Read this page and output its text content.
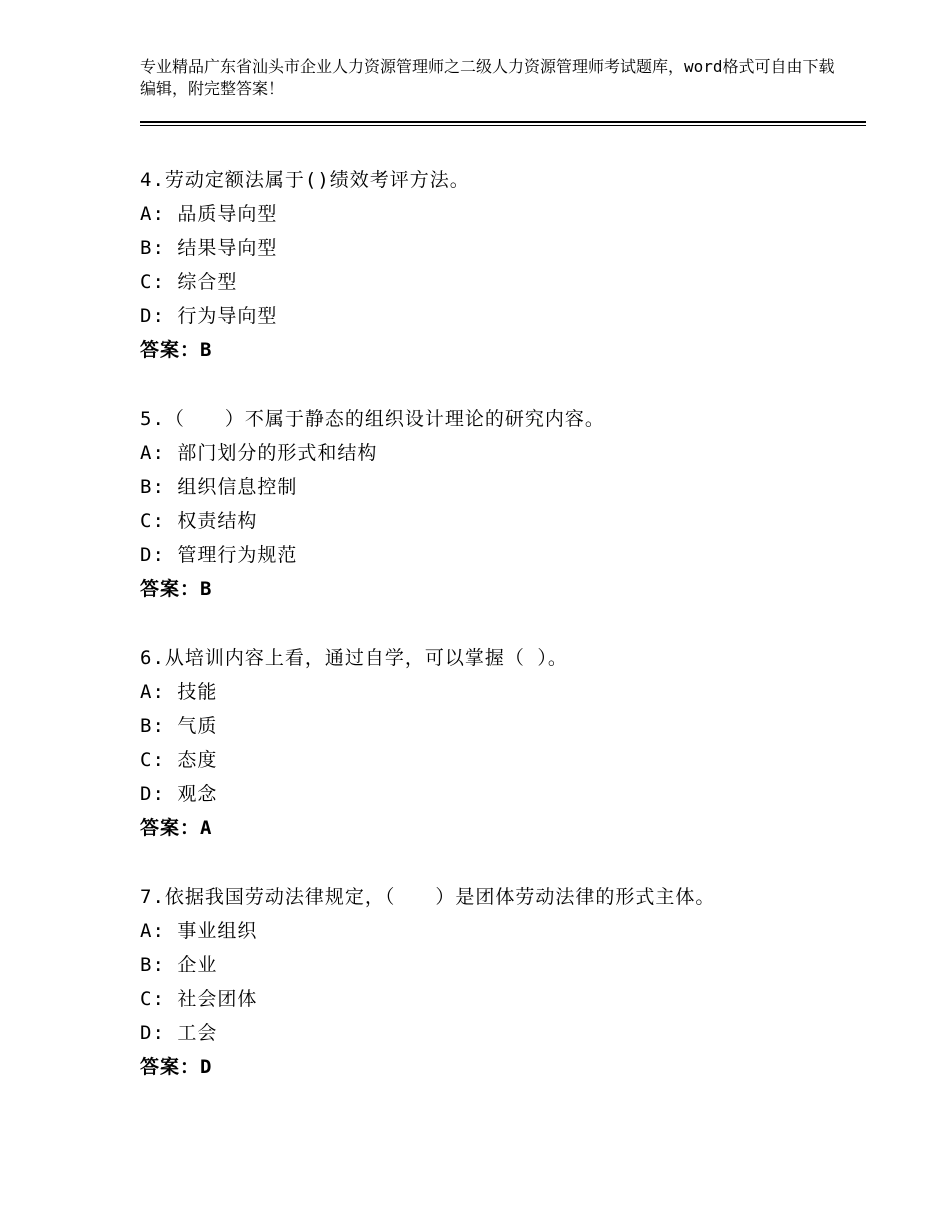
专业精品广东省汕头市企业人力资源管理师之二级人力资源管理师考试题库，word格式可自由下载编辑，附完整答案！
4.劳动定额法属于()绩效考评方法。
A: 品质导向型
B: 结果导向型
C: 综合型
D: 行为导向型
答案：B
5.（　　）不属于静态的组织设计理论的研究内容。
A: 部门划分的形式和结构
B: 组织信息控制
C: 权责结构
D: 管理行为规范
答案：B
6.从培训内容上看，通过自学，可以掌握（ ）。
A: 技能
B: 气质
C: 态度
D: 观念
答案：A
7.依据我国劳动法律规定，（　　）是团体劳动法律的形式主体。
A: 事业组织
B: 企业
C: 社会团体
D: 工会
答案：D
